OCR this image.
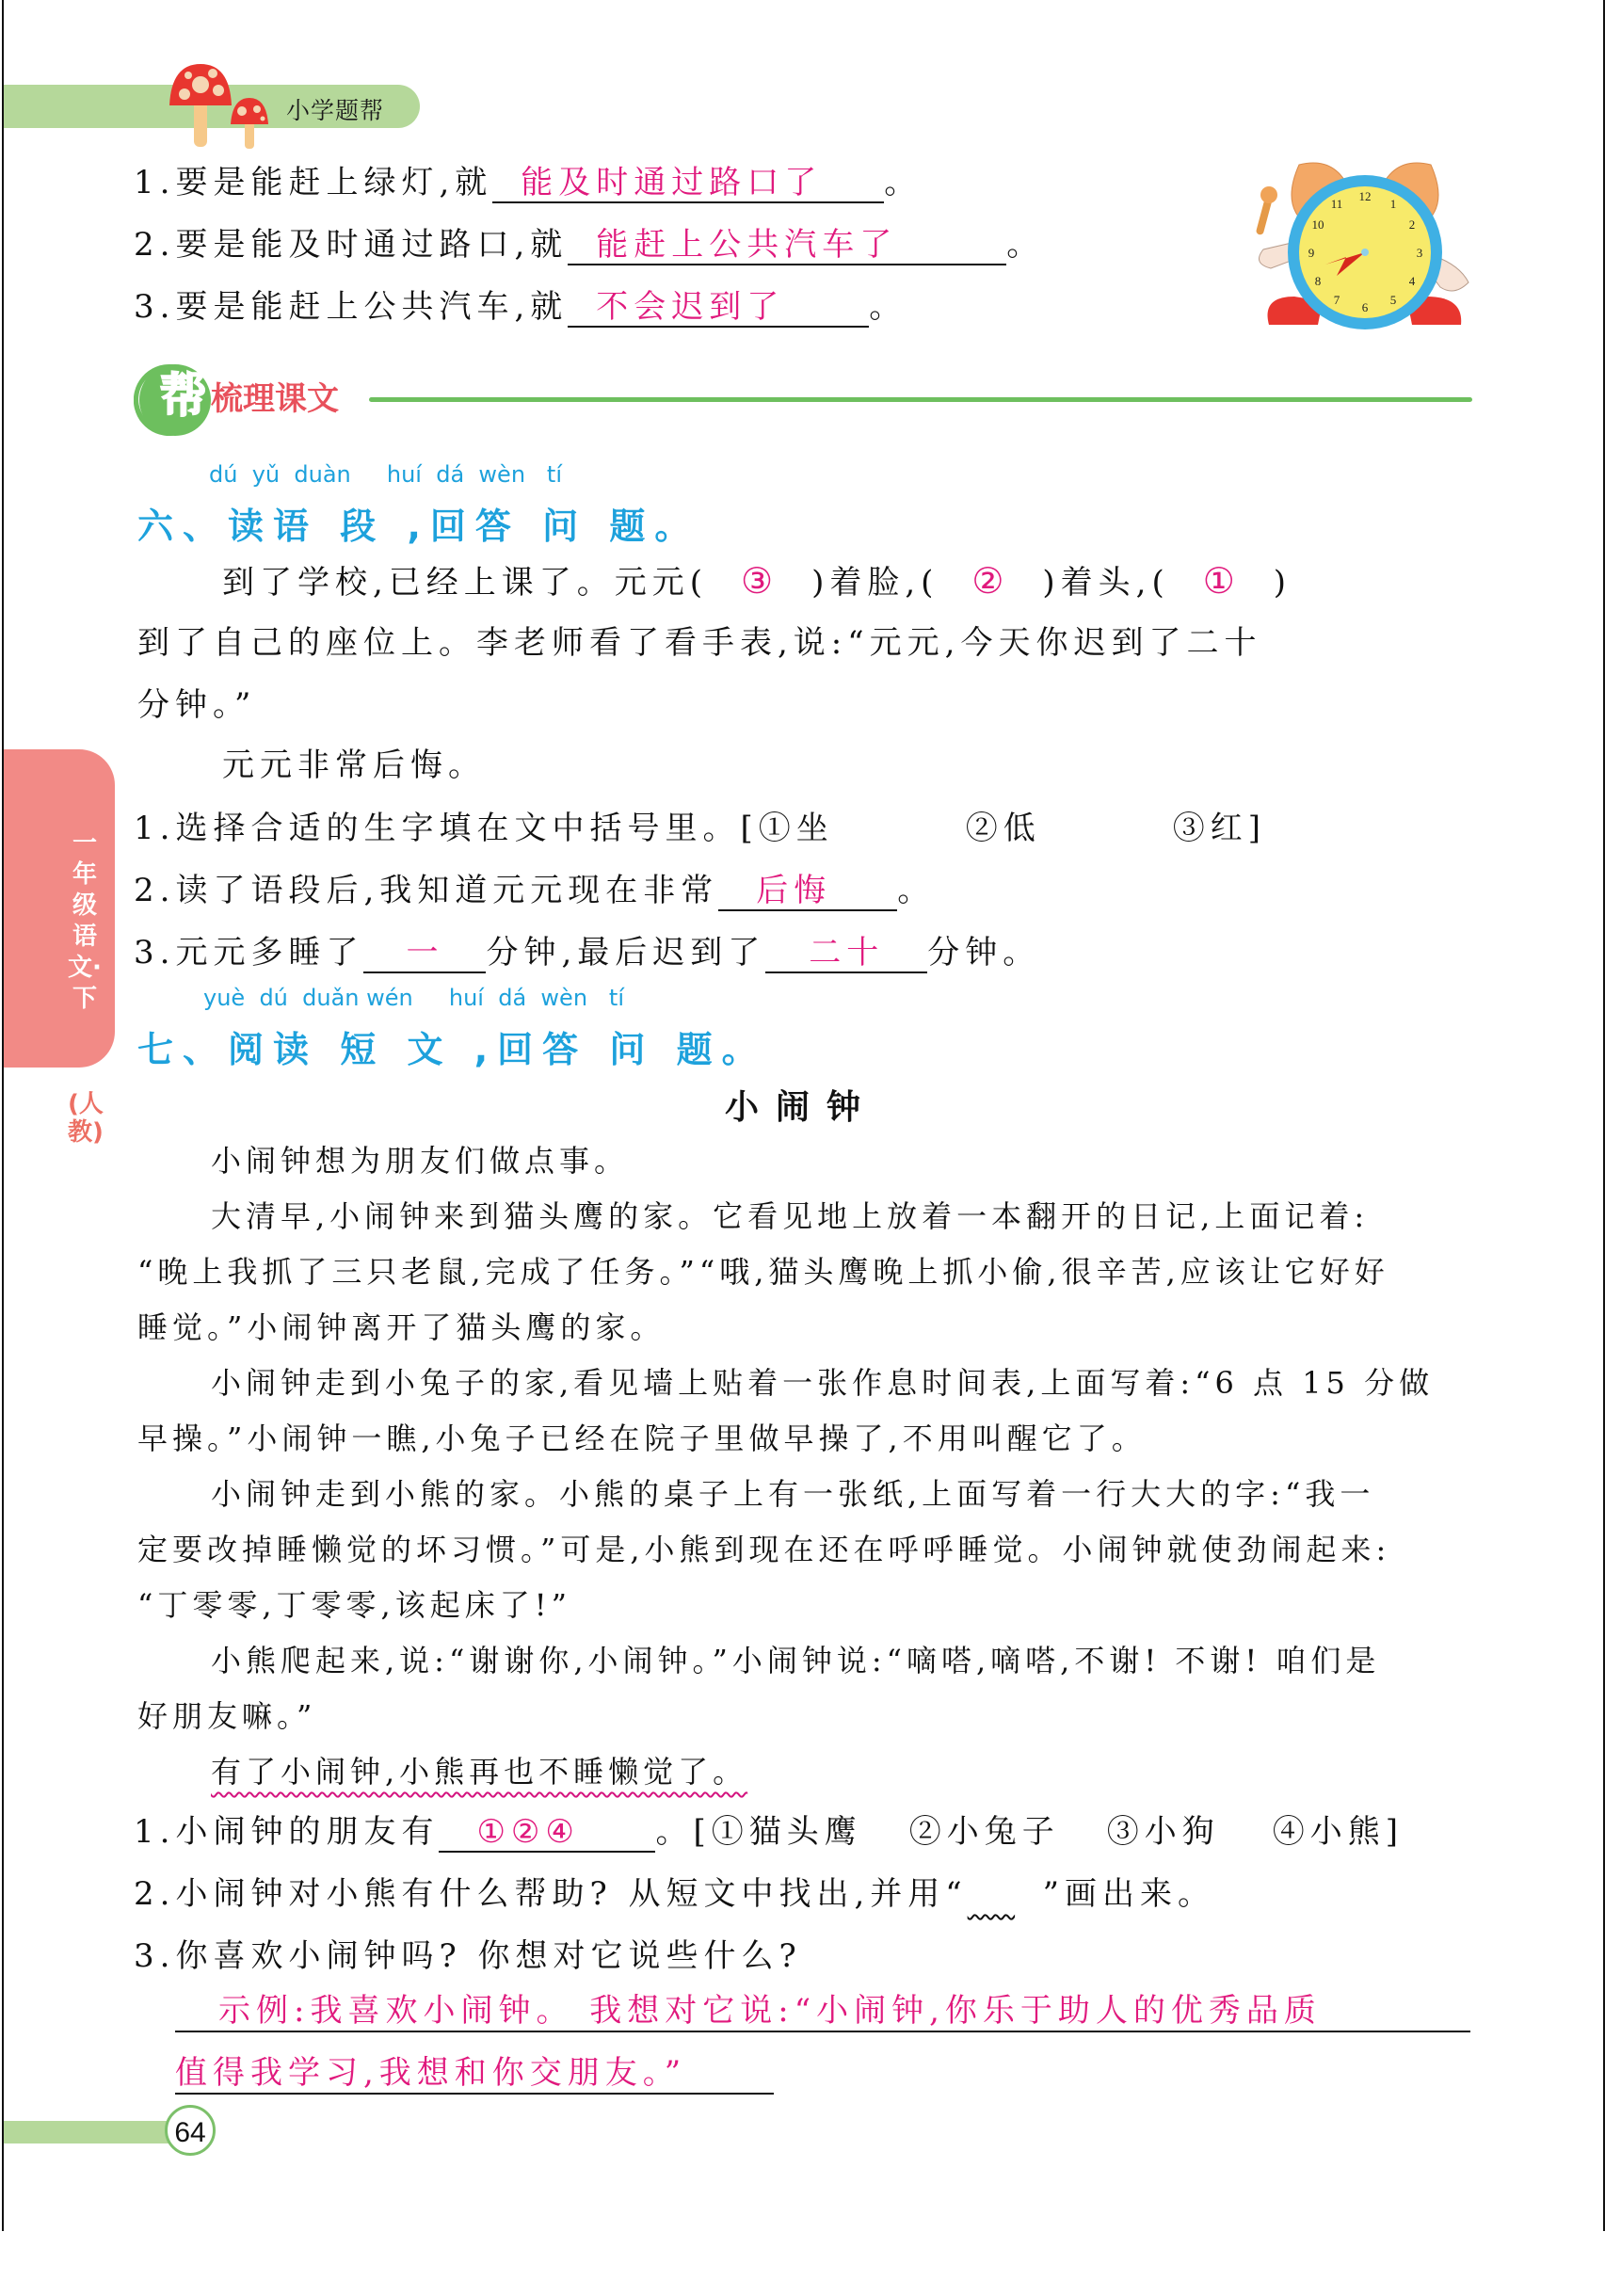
小学题帮
1.要是能赶上绿灯,就 能及时通过路口了 。
2.要是能及时通过路口,就 能赶上公共汽车了	。
3.要是能赶上公共汽车,就 不会迟到了	。
12
1
2
3
4
5
6
7
8
9
10
11
帮 梳理课文
dú  yǔ  duàn     huí  dá  wèn   tí
六、读语 段 ,回答 问 题。
到了学校,已经上课了。元元( ③ )着脸,( ② )着头,( ① )
到了自己的座位上。李老师看了看手表,说:“元元,今天你迟到了二十
分钟。”
元元非常后悔。
1.选择合适的生字填在文中括号里。[①坐	②低	③红]
2.读了语段后,我知道元元现在非常 后悔 。
3.元元多睡了 一 分钟,最后迟到了 二十 分钟。
一年级语文·下
(人教)
yuè  dú  duǎn wén     huí  dá  wèn   tí
七、阅读 短 文 ,回答 问 题。
小闹钟
小闹钟想为朋友们做点事。
大清早,小闹钟来到猫头鹰的家。它看见地上放着一本翻开的日记,上面记着:
“晚上我抓了三只老鼠,完成了任务。”“哦,猫头鹰晚上抓小偷,很辛苦,应该让它好好
睡觉。”小闹钟离开了猫头鹰的家。
小闹钟走到小兔子的家,看见墙上贴着一张作息时间表,上面写着:“6 点 15 分做
早操。”小闹钟一瞧,小兔子已经在院子里做早操了,不用叫醒它了。
小闹钟走到小熊的家。小熊的桌子上有一张纸,上面写着一行大大的字:“我一
定要改掉睡懒觉的坏习惯。”可是,小熊到现在还在呼呼睡觉。小闹钟就使劲闹起来:
“丁零零,丁零零,该起床了!”
小熊爬起来,说:“谢谢你,小闹钟。”小闹钟说:“嘀嗒,嘀嗒,不谢! 不谢! 咱们是
好朋友嘛。”
有了小闹钟,小熊再也不睡懒觉了。
1.小闹钟的朋友有 ①②④ 。[①猫头鹰 ②小兔子 ③小狗 ④小熊]
2.小闹钟对小熊有什么帮助? 从短文中找出,并用“ ”画出来。
3.你喜欢小闹钟吗? 你想对它说些什么?
示例:我喜欢小闹钟。 我想对它说:“小闹钟,你乐于助人的优秀品质
值得我学习,我想和你交朋友。”
64
